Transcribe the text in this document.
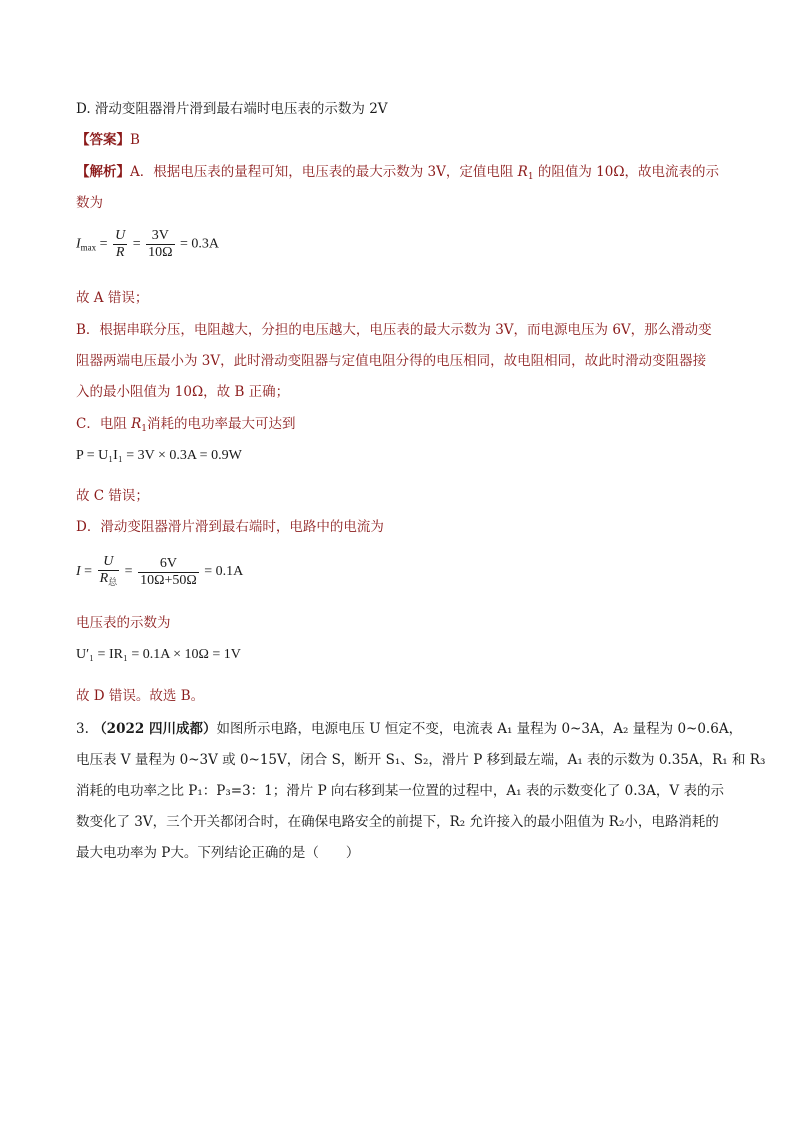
D. 滑动变阻器滑片滑到最右端时电压表的示数为 2V
【答案】B
【解析】A．根据电压表的量程可知，电压表的最大示数为 3V，定值电阻 $R_1$ 的阻值为 10Ω，故电流表的示
数为
$I_{max} = \frac{U}{R} = \frac{3V}{10\Omega} = 0.3A$
故 A 错误；
B．根据串联分压，电阻越大，分担的电压越大，电压表的最大示数为 3V，而电源电压为 6V，那么滑动变
阻器两端电压最小为 3V，此时滑动变阻器与定值电阻分得的电压相同，故电阻相同，故此时滑动变阻器接
入的最小阻值为 10Ω，故 B 正确；
C．电阻 $R_1$消耗的电功率最大可达到
P = U₁I₁ = 3V × 0.3A = 0.9W
故 C 错误；
D．滑动变阻器滑片滑到最右端时，电路中的电流为
$I = \frac{U}{R_总} = \frac{6V}{10\Omega+50\Omega} = 0.1A$
电压表的示数为
U′₁ = IR₁ = 0.1A × 10Ω = 1V
故 D 错误。故选 B。
3. （2022 四川成都）如图所示电路，电源电压 U 恒定不变，电流表 A₁ 量程为 0~3A，A₂ 量程为 0~0.6A，
电压表 V 量程为 0~3V 或 0~15V，闭合 S，断开 S₁、S₂，滑片 P 移到最左端，A₁ 表的示数为 0.35A，R₁ 和 R₃
消耗的电功率之比 P₁：P₃=3：1；滑片 P 向右移到某一位置的过程中，A₁ 表的示数变化了 0.3A，V 表的示
数变化了 3V，三个开关都闭合时，在确保电路安全的前提下，R₂ 允许接入的最小阻值为 R₂小，电路消耗的
最大电功率为 P大。下列结论正确的是（　　）
